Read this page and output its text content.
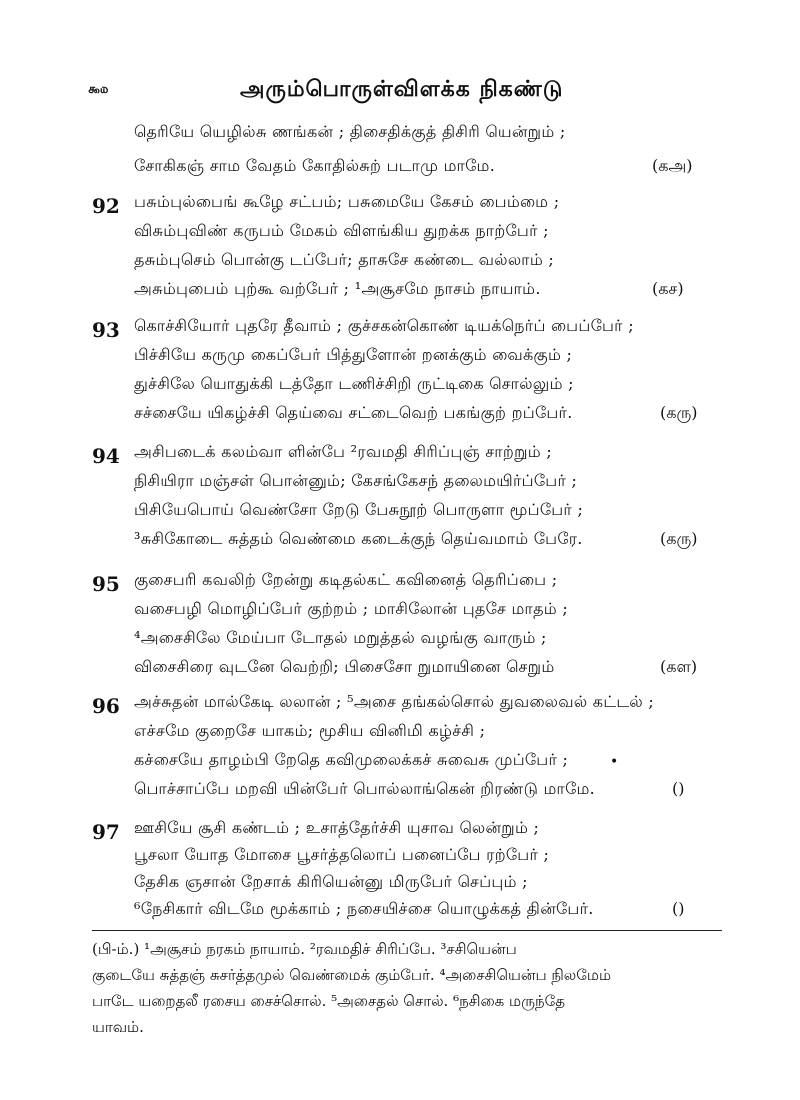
௯௰	அரும்பொருள்விளக்க நிகண்டு
தெரியே யெழில்சு ணங்கன் ; திசைதிக்குத் திசிரி யென்றும் ;
சோகிகஞ் சாம வேதம் கோதில்சுற் படாமு மாமே.	(கஅ)
92 பசும்புல்பைங் கூழே சட்பம்; பசுமையே கேசம் பைம்மை ;
விசும்புவிண் கருபம் மேகம் விளங்கிய துறக்க நாற்பேர் ;
தசும்புசெம் பொன்கு டப்பேர்; தாசுசே கண்டை வல்லாம் ;
அசும்புபைம் புற்கூ வற்பேர் ; ¹அசூசமே நாசம் நாயாம்.	(கச)
93 கொச்சியோர் புதரே தீவாம் ; குச்சகன்கொண் டியக்நெர்ப் பைப்பேர் ;
பிச்சியே கருமு கைப்பேர் பித்துளோன் றனக்கும் வைக்கும் ;
துச்சிலே யொதுக்கி டத்தோ டணிச்சிறி ருட்டிகை சொல்லும் ;
சச்சையே யிகழ்ச்சி தெய்வை சட்டைவெற் பகங்குற் றப்பேர்.	(கரு)
94 அசிபடைக் கலம்வா ளின்பே ²ரவமதி சிரிப்புஞ் சாற்றும் ;
நிசியிரா மஞ்சள் பொன்னும்; கேசங்கேசந் தலைமயிர்ப்பேர் ;
பிசியேபொய் வெண்சோ றேடு பேசுநூற் பொருளா மூப்பேர் ;
³சுசிகோடை சுத்தம் வெண்மை கடைக்குந் தெய்வமாம் பேரே.	(கரு)
95 குசைபரி கவலிற் றேன்று கடிதல்கட் கவினைத் தெரிப்பை ;
வசைபழி மொழிப்பேர் குற்றம் ; மாசிலோன் புதசே மாதம் ;
⁴அசைசிலே மேய்பா டோதல் மறுத்தல் வழங்கு வாரும் ;
விசைசிரை வுடனே வெற்றி; பிசைசோ றுமாயினை செறும்	(கள)
96 அச்சுதன் மால்கேடி லலான் ; ⁵அசை தங்கல்சொல் துவலைவல் கட்டல் ;
எச்சமே குறைசே யாகம்; மூசிய வினிமி கழ்ச்சி ;
கச்சையே தாழம்பி றேதெ கவிமுலைக்கச் சுவைசு முப்பேர் ;	•
பொச்சாப்பே மறவி யின்பேர் பொல்லாங்கென் றிரண்டு மாமே.	()
97 ஊசியே சூசி கண்டம் ; உசாத்தேர்ச்சி யுசாவ லென்றும் ;
பூசலா யோத மோசை பூசர்த்தலொப் பனைப்பே ரற்பேர் ;
தேசிக ஞசான் றேசாக் கிரியென்னு மிருபேர் செப்பும் ;
⁶நேசிகார் விடமே மூக்காம் ; நசையிச்சை யொழுக்கத் தின்பேர்.	()
(பி-ம்.) ¹அசூசம் நரகம் நாயாம். ²ரவமதிச் சிரிப்பே. ³சசியென்ப
குடையே சுத்தஞ் சுசர்த்தமுல் வெண்மைக் கும்பேர். ⁴அசைசியென்ப நிலமேம்
பாடே யறைதலீ ரசைய சைச்சொல். ⁵அசைதல் சொல். ⁶நசிகை மருந்தே
யாவம்.
